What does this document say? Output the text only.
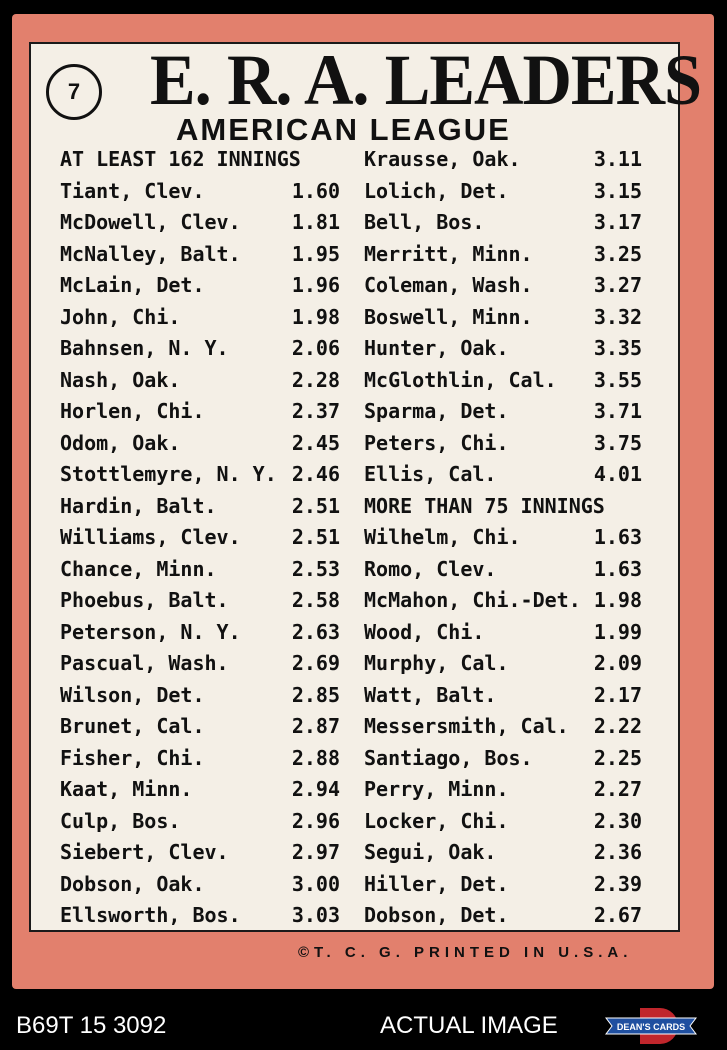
7 E. R. A. LEADERS
AMERICAN LEAGUE
AT LEAST 162 INNINGS
Tiant, Clev.	1.60
McDowell, Clev.	1.81
McNalley, Balt.	1.95
McLain, Det.	1.96
John, Chi.	1.98
Bahnsen, N. Y.	2.06
Nash, Oak.	2.28
Horlen, Chi.	2.37
Odom, Oak.	2.45
Stottlemyre, N. Y. 2.46
Hardin, Balt.	2.51
Williams, Clev.	2.51
Chance, Minn.	2.53
Phoebus, Balt.	2.58
Peterson, N. Y.	2.63
Pascual, Wash.	2.69
Wilson, Det.	2.85
Brunet, Cal.	2.87
Fisher, Chi.	2.88
Kaat, Minn.	2.94
Culp, Bos.	2.96
Siebert, Clev.	2.97
Dobson, Oak.	3.00
Ellsworth, Bos.	3.03
Krausse, Oak.	3.11
Lolich, Det.	3.15
Bell, Bos.	3.17
Merritt, Minn.	3.25
Coleman, Wash.	3.27
Boswell, Minn.	3.32
Hunter, Oak.	3.35
McGlothlin, Cal. 3.55
Sparma, Det.	3.71
Peters, Chi.	3.75
Ellis, Cal.	4.01
MORE THAN 75 INNINGS
Wilhelm, Chi.	1.63
Romo, Clev.	1.63
McMahon, Chi.-Det. 1.98
Wood, Chi.	1.99
Murphy, Cal.	2.09
Watt, Balt.	2.17
Messersmith, Cal. 2.22
Santiago, Bos.	2.25
Perry, Minn.	2.27
Locker, Chi.	2.30
Segui, Oak.	2.36
Hiller, Det.	2.39
Dobson, Det.	2.67
©T. C. G. PRINTED IN U.S.A.
B69T 15 3092	ACTUAL IMAGE	DEAN'S CARDS
